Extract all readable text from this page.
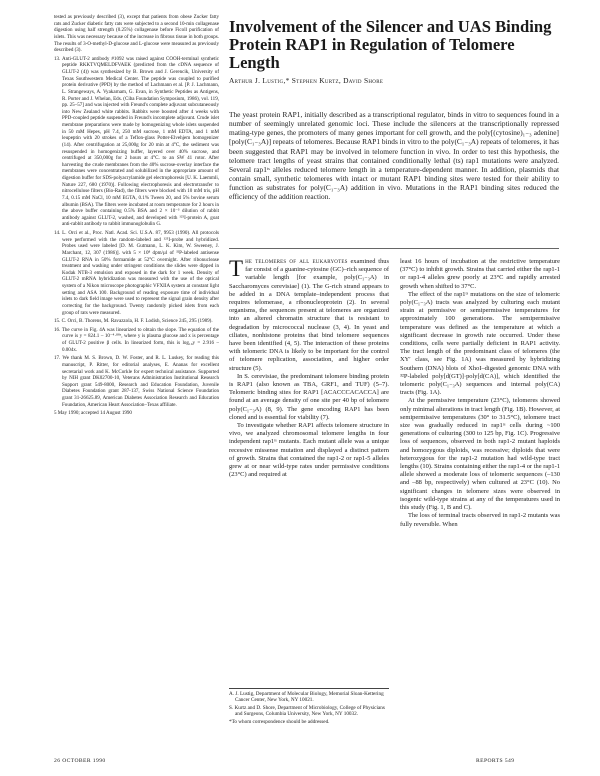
tested as previously described (3), except that patients from obese Zucker fatty rats and Zucker diabetic fatty rats were subjected to a second 10-min collagenase digestion using half strength (0.25%) collagenase before Ficoll purification of islets. This was necessary because of the increase in fibrous tissue in both groups. The results of 3-O-methyl-D-glucose and L-glucose were measured as previously described (3).

13. Anti-GLUT-2 antibody #1092 was raised against COOH-terminal synthetic peptide RKKTVQMELDFVAEK (predicted from the cDNA sequence of GLUT-2 (4)) was synthesized by B. Brown and J. Gerencik, University of Texas Southwestern Medical Center. The peptide was coupled to purified protein derivative (PPD) by the method of Lachmann et al. [P. J. Lachmann, L. Strangeways, A. Vyakarnam, G. Evan, in Synthetic Peptides as Antigens, R. Porter and J. Whelan, Eds. (Ciba Foundation Symposium, 1986), vol. 119, pp. 25–57] and was injected with Freund's complete adjuvant subcutaneously into New Zealand white rabbits. Rabbits were boosted after 4 weeks with PPD-coupled peptide suspended in Freund's incomplete adjuvant. Crude islet membrane preparations were made by homogenizing whole islets suspended in 50 mM Hepes, pH 7.4, 250 mM sucrose, 1 mM EDTA, and 1 mM leupeptin with 20 strokes of a Teflon-glass Potter-Elvehjem homogenizer (14). After centrifugation at 25,000g for 20 min at 4°C, the sediment was resuspended in homogenizing buffer, layered over 40% sucrose, and centrifuged at 350,000g for 2 hours at 4°C. to an SW 41 rotor. After harvesting the crude membranes from the 40% sucrose-overlay interface the membranes were concentrated and solubilized in the appropriate amount of digestion buffer for SDS-polyacrylamide gel electrophoresis [U. K. Laemmli, Nature 227, 680 (1970)]. Following electrophoresis and electrotransfer to nitrocellulose filters (Bio-Rad), the filters were blocked with 10 mM tris, pH 7.4, 0.15 mM NaCl, 10 mM EGTA, 0.1% Tween 20, and 5% bovine serum albumin (BSA). The filters were incubated at room temperature for 2 hours in the above buffer containing 0.5% BSA and 2 × 10⁻³ dilution of rabbit antibody against GLUT-2, washed, and developed with ¹²⁵I-protein A, goat anti-rabbit antibody to rabbit immunoglobulin G.

14. L. Orci et al., Proc. Natl. Acad. Sci. U.S.A. 87, 9953 (1990). All protocols were performed with the random-labeled and ¹²⁵I-probe and hybridized. Probes used were labeled [D. M. Gutmann, L. K. Kim, W. Sweeney, J. Marchant, 12, 307 (1986)]. with 5 × 10⁸ dpm/µl of ³²P-labeled antisense GLUT-2 RNA in 50% formamide at 52°C overnight. After ribonuclease treatment and washing under stringent conditions the slides were dipped in Kodak NTB-3 emulsion and exposed in the dark for 1 week. Density of GLUT-2 mRNA hybridization was measured with the use of the optical system of a Nikon microscope photographic VFXIIA system at constant light setting and ASA 100. Background of reading exposure time of individual islets to dark field image were used to represent the signal grain density after correcting for the background. Twenty randomly picked islets from each group of rats were measured.

15. C. Orci, B. Thorens, M. Ravazzola, H. F. Lodish, Science 245, 295 (1989).

16. The curve in Fig. 4A was linearized to obtain the slope. The equation of the curve is y = 824.1 – 10⁻⁴·⁰⁸ˣ, where y is plasma glucose and x is percentage of GLUT-2 positive β cells. In linearized form, this is log₁₀y = 2.916 – 0.004x.

17. We thank M. S. Brown, D. W. Foster, and R. L. Luskey, for reading this manuscript, P. Ritter, for editorial analyses, E. Ananas for excellent secretarial work and K. McCorkle for expert technical assistance. Supported by NIH grant DK02700-10, Veterans Administration Institutional Research Support grant 549-8000, Research and Education Foundation, Juvenile Diabetes Foundation grant 287-137, Swiss National Science Foundation grant 31-26625.89, American Diabetes Association Research and Education Foundation, American Heart Association–Texas affiliate.

5 May 1990; accepted 14 August 1990
Involvement of the Silencer and UAS Binding Protein RAP1 in Regulation of Telomere Length

Arthur J. Lustig,* Stephen Kurtz, David Shore

The yeast protein RAP1, initially described as a transcriptional regulator, binds in vitro to sequences found in a number of seemingly unrelated genomic loci. These include the silencers at the transcriptionally repressed mating-type genes, the promoters of many genes important for cell growth, and the poly[(cytosine)₁₋₃ adenine] [poly(C₁₋₃A)] repeats of telomeres. Because RAP1 binds in vitro to the poly(C₁₋₃A) repeats of telomeres, it has been suggested that RAP1 may be involved in telomere function in vivo. In order to test this hypothesis, the telomere tract lengths of yeast strains that contained conditionally lethal (ts) rap1 mutations were analyzed. Several rap1ᵗˢ alleles reduced telomere length in a temperature-dependent manner. In addition, plasmids that contain small, synthetic telomeres with intact or mutant RAP1 binding sites were tested for their ability to function as substrates for poly(C₁₋₃A) addition in vivo. Mutations in the RAP1 binding sites reduced the efficiency of the addition reaction.

The telomeres of all eukaryotes examined thus far consist of a guanine-cytosine (GC)–rich sequence of variable length [for example, poly(C₁₋₃A) in Saccharomyces cerevisiae] (1). The G-rich strand appears to be added in a DNA template–independent process that requires telomerase, a ribonucleoprotein (2). In several organisms, the sequences present at telomeres are organized into an altered chromatin structure that is resistant to degradation by micrococcal nuclease (3, 4). In yeast and ciliates, nonhistone proteins that bind telomere sequences have been identified (4, 5). The interaction of these proteins with telomeric DNA is likely to be important for the control of telomere replication, association, and higher order structure (5).

In S. cerevisiae, the predominant telomere binding protein is RAP1 (also known as TBA, GRF1, and TUF) (5–7). Telomeric binding sites for RAP1 [ACACCCACACCA] are found at an average density of one site per 40 bp of telomere poly(C₁₋₃A) (8, 9). The gene encoding RAP1 has been cloned and is essential for viability (7).

To investigate whether RAP1 affects telomere structure in vivo, we analyzed chromosomal telomere lengths in four independent rap1ᵗˢ mutants. Each mutant allele was a unique recessive missense mutation and displayed a distinct pattern of growth. Strains that contained the rap1-2 or rap1-5 alleles grew at or near wild-type rates under permissive conditions (23°C) and required at

A. J. Lustig, Department of Molecular Biology, Memorial Sloan-Kettering Cancer Center, New York, NY 10021.

S. Kurtz and D. Shore, Department of Microbiology, College of Physicians and Surgeons, Columbia University, New York, NY 10032.

*To whom correspondence should be addressed.

least 16 hours of incubation at the restrictive temperature (37°C) to inhibit growth. Strains that carried either the rap1-1 or rap1-4 alleles grew poorly at 23°C and rapidly arrested growth when shifted to 37°C.

The effect of the rap1ᵗˢ mutations on the size of telomeric poly(C₁₋₃A) tracts was analyzed by culturing each mutant strain at permissive or semipermissive temperatures for approximately 100 generations. The semipermissive temperature was defined as the temperature at which a significant decrease in growth rate occurred. Under these conditions, cells were partially deficient in RAP1 activity. The tract length of the predominant class of telomeres (the XY′ class, see Fig. 1A) was measured by hybridizing Southern (DNA) blots of XhoI–digested genomic DNA with ³²P-labeled poly[d(GT)]·poly[d(CA)], which identified the telomeric poly(C₁₋₃A) sequences and internal poly(CA) tracts (Fig. 1A).

At the permissive temperature (23°C), telomeres showed only minimal alterations in tract length (Fig. 1B). However, at semipermissive temperatures (30° to 31.5°C), telomere tract size was gradually reduced in rap1ᵗˢ cells during ~100 generations of culturing (300 to 125 bp, Fig. 1C). Progressive loss of sequences, observed in both rap1-2 mutant haploids and homozygous diploids, was recessive; diploids that were heterozygous for the rap1-2 mutation had wild-type tract lengths (10). Strains containing either the rap1-4 or the rap1-1 allele showed a moderate loss of telomeric sequences (–130 and –88 bp, respectively) when cultured at 23°C (10). No significant changes in telomere sizes were observed in isogenic wild-type strains at any of the temperatures used in this study (Fig. 1, B and C).

The loss of terminal tracts observed in rap1-2 mutants was fully reversible. When

26 OCTOBER 1990	REPORTS 549
